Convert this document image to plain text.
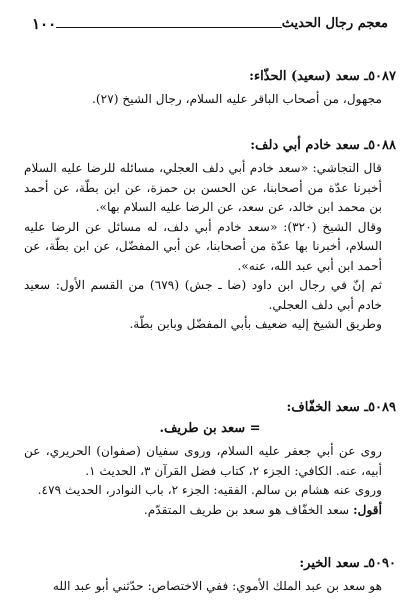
معجم رجال الحديث
١٠٠
٥٠٨٧ـ سعد (سعيد) الحذّاء:

مجهول، من أصحاب الباقر عليه السلام، رجال الشيخ (٢٧).

٥٠٨٨ـ سعد خادم أبي دلف:

قال النجاشي: «سعد خادم أبي دلف العجلي، مسائله للرضا عليه السلام أخبرنا عدّة من أصحابنا، عن الحسن بن حمزة، عن ابن بطّة، عن أحمد بن محمد ابن خالد، عن سعد، عن الرضا عليه السلام بها».

وقال الشيخ (٣٢٠): «سعد خادم أبي دلف، له مسائل عن الرضا عليه السلام، أخبرنا بها عدّة من أصحابنا، عن أبي المفضّل، عن ابن بطّة، عن أحمد ابن أبي عبد الله، عنه».

ثم إنّ في رجال ابن داود (ضا ـ جش) (٦٧٩) من القسم الأول: سعيد خادم أبي دلف العجلي.

وطريق الشيخ إليه ضعيف بأبي المفضّل وبابن بطّة.

٥٠٨٩ـ سعد الخفّاف:
= سعد بن طريف.

روى عن أبي جعفر عليه السلام، وروى سفيان (صفوان) الحريري، عن أبيه، عنه. الكافي: الجزء ٢، كتاب فضل القرآن ٣، الحديث ١.

وروى عنه هشام بن سالم. الفقيه: الجزء ٢، باب النوادر، الحديث ٤٧٩.

أقول: سعد الخفّاف هو سعد بن طريف المتقدّم.

٥٠٩٠ـ سعد الخير:

هو سعد بن عبد الملك الأموي: ففي الاختصاص: حدّثني أبو عبد الله
